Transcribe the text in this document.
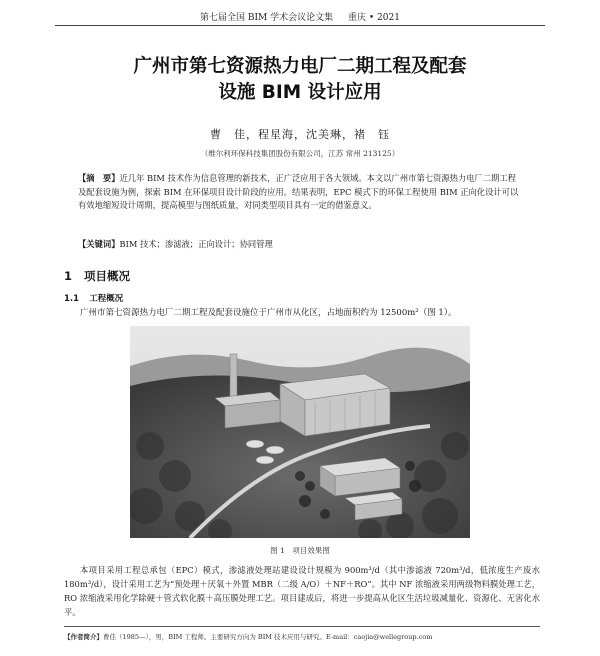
第七届全国 BIM 学术会议论文集 重庆 • 2021
广州市第七资源热力电厂二期工程及配套
设施 BIM 设计应用
曹　佳，程星海，沈美琳，褚　钰
（维尔利环保科技集团股份有限公司，江苏 常州 213125）
【摘　要】近几年 BIM 技术作为信息管理的新技术，正广泛应用于各大领域。本文以广州市第七资源热力电厂二期工程及配套设施为例，探索 BIM 在环保项目设计阶段的应用。结果表明，EPC 模式下的环保工程使用 BIM 正向化设计可以有效地缩短设计周期，提高模型与图纸质量，对同类型项目具有一定的借鉴意义。
【关键词】BIM 技术；渗滤液；正向设计；协同管理
1 项目概况
1.1 工程概况
广州市第七资源热力电厂二期工程及配套设施位于广州市从化区，占地面积约为 12500m²（图 1）。
图 1　项目效果图
本项目采用工程总承包（EPC）模式，渗滤液处理站建设设计规模为 900m³/d（其中渗滤液 720m³/d，低浓度生产废水 180m³/d），设计采用工艺为“预处理＋厌氧＋外置 MBR（二级 A/O）＋NF＋RO”。其中 NF 浓缩液采用两级物料膜处理工艺，RO 浓缩液采用化学除硬＋管式软化膜＋高压膜处理工艺。项目建成后，将进一步提高从化区生活垃圾减量化、资源化、无害化水平。
【作者简介】曹佳（1985—），男，BIM 工程师。主要研究方向为 BIM 技术应用与研究。E-mail：caojia@wellegroup.com
